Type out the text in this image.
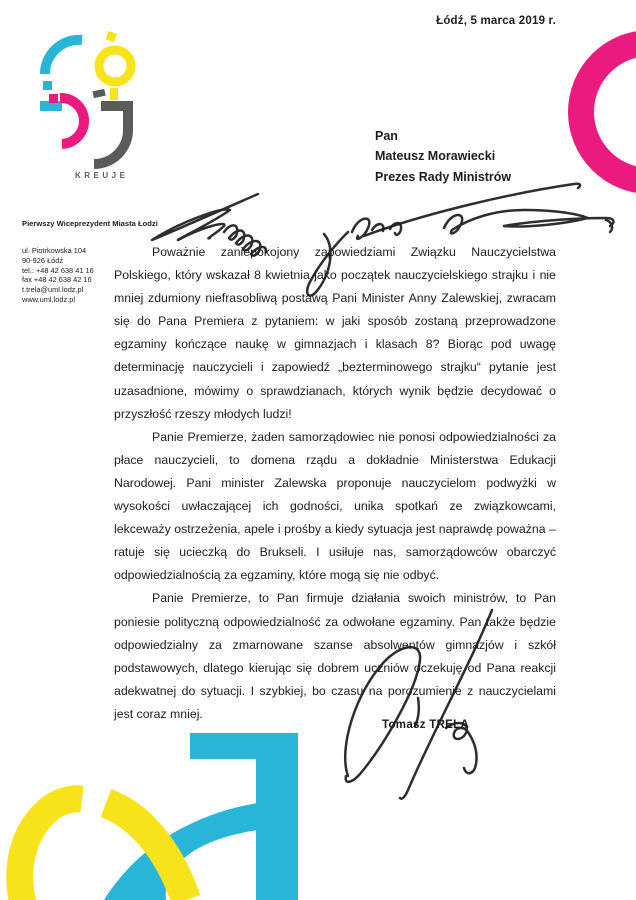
Łódź, 5 marca 2019 r.
KREUJE
Pierwszy Wiceprezydent Miasta Łodzi
ul. Piotrkowska 104
90-926 Łódź
tel.: +48 42 638 41 16
fax +48 42 638 42 16
t.trela@uml.lodz.pl
www.uml.lodz.pl
Pan
Mateusz Morawiecki
Prezes Rady Ministrów

Poważnie zaniepokojony zapowiedziami Związku Nauczycielstwa Polskiego, który wskazał 8 kwietnia jako początek nauczycielskiego strajku i nie mniej zdumiony niefrasobliwą postawą Pani Minister Anny Zalewskiej, zwracam się do Pana Premiera z pytaniem: w jaki sposób zostaną przeprowadzone egzaminy kończące naukę w gimnazjach i klasach 8? Biorąc pod uwagę determinację nauczycieli i zapowiedź „bezterminowego strajku“ pytanie jest uzasadnione, mówimy o sprawdzianach, których wynik będzie decydować o przyszłość rzeszy młodych ludzi!

Panie Premierze, żaden samorządowiec nie ponosi odpowiedzialności za płace nauczycieli, to domena rządu a dokładnie Ministerstwa Edukacji Narodowej. Pani minister Zalewska proponuje nauczycielom podwyżki w wysokości uwłaczającej ich godności, unika spotkań ze związkowcami, lekceważy ostrzeżenia, apele i prośby a kiedy sytuacja jest naprawdę poważna – ratuje się ucieczką do Brukseli. I usiłuje nas, samorządowców obarczyć odpowiedzialnością za egzaminy, które mogą się nie odbyć.

Panie Premierze, to Pan firmuje działania swoich ministrów, to Pan poniesie polityczną odpowiedzialność za odwołane egzaminy. Pan także będzie odpowiedzialny za zmarnowane szanse absolwentów gimnazjów i szkół podstawowych, dlatego kierując się dobrem uczniów oczekuję od Pana reakcji adekwatnej do sytuacji. I szybkiej, bo czasu na porozumienie z nauczycielami jest coraz mniej.

Tomasz TRELA
